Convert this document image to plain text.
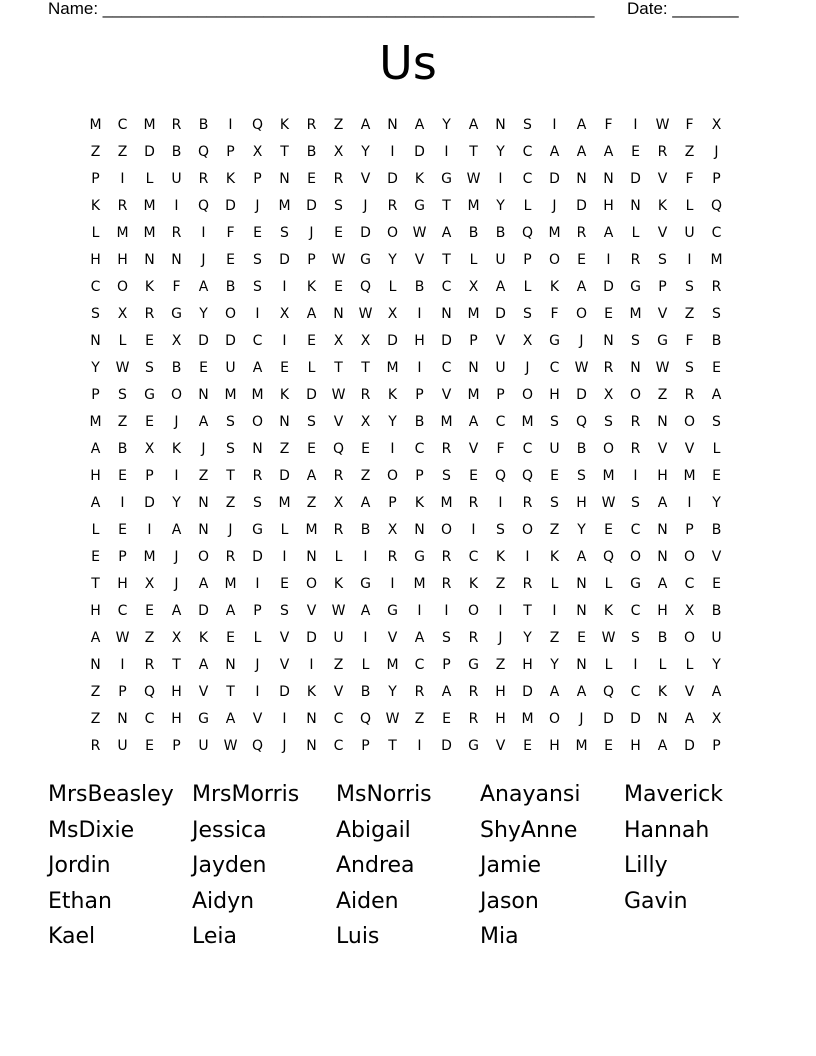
Name: ____________________________________________________ Date: _______
Us
M	C	M	R	B	I	Q	K	R	Z	A	N	A	Y	A	N	S	I	A	F	I	W	F	X
Z	Z	D	B	Q	P	X	T	B	X	Y	I	D	I	T	Y	C	A	A	A	E	R	Z	J
P	I	L	U	R	K	P	N	E	R	V	D	K	G	W	I	C	D	N	N	D	V	F	P
K	R	M	I	Q	D	J	M	D	S	J	R	G	T	M	Y	L	J	D	H	N	K	L	Q
L	M	M	R	I	F	E	S	J	E	D	O	W	A	B	B	Q	M	R	A	L	V	U	C
H	H	N	N	J	E	S	D	P	W	G	Y	V	T	L	U	P	O	E	I	R	S	I	M
C	O	K	F	A	B	S	I	K	E	Q	L	B	C	X	A	L	K	A	D	G	P	S	R
S	X	R	G	Y	O	I	X	A	N	W	X	I	N	M	D	S	F	O	E	M	V	Z	S
N	L	E	X	D	D	C	I	E	X	X	D	H	D	P	V	X	G	J	N	S	G	F	B
Y	W	S	B	E	U	A	E	L	T	T	M	I	C	N	U	J	C	W	R	N	W	S	E
P	S	G	O	N	M	M	K	D	W	R	K	P	V	M	P	O	H	D	X	O	Z	R	A
M	Z	E	J	A	S	O	N	S	V	X	Y	B	M	A	C	M	S	Q	S	R	N	O	S
A	B	X	K	J	S	N	Z	E	Q	E	I	C	R	V	F	C	U	B	O	R	V	V	L
H	E	P	I	Z	T	R	D	A	R	Z	O	P	S	E	Q	Q	E	S	M	I	H	M	E
A	I	D	Y	N	Z	S	M	Z	X	A	P	K	M	R	I	R	S	H	W	S	A	I	Y
L	E	I	A	N	J	G	L	M	R	B	X	N	O	I	S	O	Z	Y	E	C	N	P	B
E	P	M	J	O	R	D	I	N	L	I	R	G	R	C	K	I	K	A	Q	O	N	O	V
T	H	X	J	A	M	I	E	O	K	G	I	M	R	K	Z	R	L	N	L	G	A	C	E
H	C	E	A	D	A	P	S	V	W	A	G	I	I	O	I	T	I	N	K	C	H	X	B
A	W	Z	X	K	E	L	V	D	U	I	V	A	S	R	J	Y	Z	E	W	S	B	O	U
N	I	R	T	A	N	J	V	I	Z	L	M	C	P	G	Z	H	Y	N	L	I	L	L	Y
Z	P	Q	H	V	T	I	D	K	V	B	Y	R	A	R	H	D	A	A	Q	C	K	V	A
Z	N	C	H	G	A	V	I	N	C	Q	W	Z	E	R	H	M	O	J	D	D	N	A	X
R	U	E	P	U	W	Q	J	N	C	P	T	I	D	G	V	E	H	M	E	H	A	D	P
MrsBeasley MrsMorris MsNorris Anayansi Maverick
MsDixie	Jessica	Abigail	ShyAnne Hannah
Jordin	Jayden	Andrea	Jamie	Lilly
Ethan	Aidyn	Aiden	Jason	Gavin
Kael	Leia	Luis	Mia
